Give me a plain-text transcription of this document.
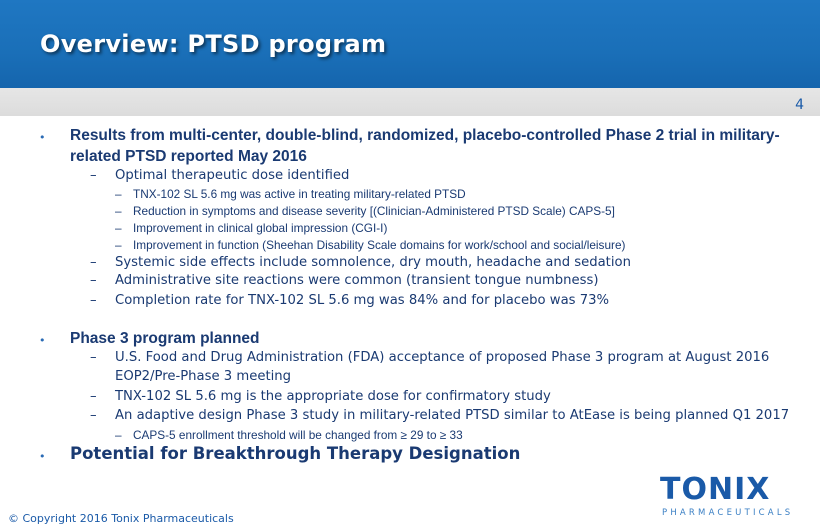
Overview: PTSD program
4
• Results from multi-center, double-blind, randomized, placebo-controlled Phase 2 trial in military-
related PTSD reported May 2016
– Optimal therapeutic dose identified
– TNX-102 SL 5.6 mg was active in treating military-related PTSD
– Reduction in symptoms and disease severity [(Clinician-Administered PTSD Scale) CAPS-5]
– Improvement in clinical global impression (CGI-I)
– Improvement in function (Sheehan Disability Scale domains for work/school and social/leisure)
– Systemic side effects include somnolence, dry mouth, headache and sedation
– Administrative site reactions were common (transient tongue numbness)
– Completion rate for TNX-102 SL 5.6 mg was 84% and for placebo was 73%
• Phase 3 program planned
– U.S. Food and Drug Administration (FDA) acceptance of proposed Phase 3 program at August 2016
EOP2/Pre-Phase 3 meeting
– TNX-102 SL 5.6 mg is the appropriate dose for confirmatory study
– An adaptive design Phase 3 study in military-related PTSD similar to AtEase is being planned Q1 2017
– CAPS-5 enrollment threshold will be changed from ≥ 29 to ≥ 33
• Potential for Breakthrough Therapy Designation
TONIX
PHARMACEUTICALS
© Copyright 2016 Tonix Pharmaceuticals
